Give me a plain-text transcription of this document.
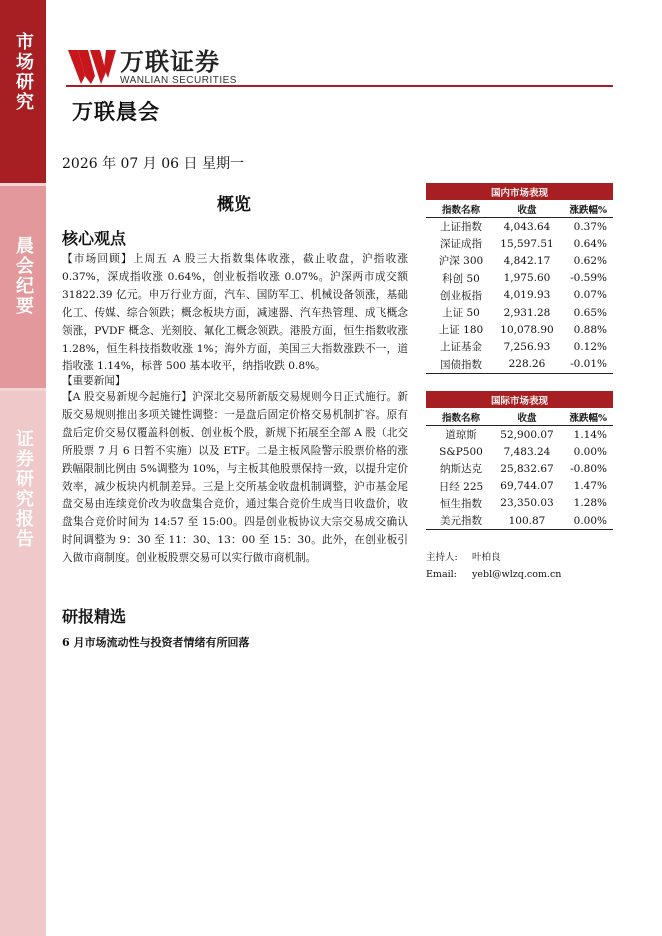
市场研究
晨会纪要
证券研究报告
万联证券
WANLIAN SECURITIES
万联晨会
2026 年 07 月 06 日 星期一
概览
核心观点
【市场回顾】上周五 A 股三大指数集体收涨，截止收盘，沪指收涨 0.37%，深成指收涨 0.64%，创业板指收涨 0.07%。沪深两市成交额 31822.39 亿元。申万行业方面，汽车、国防军工、机械设备领涨，基础化工、传媒、综合领跌；概念板块方面，减速器、汽车热管理、成飞概念领涨，PVDF 概念、光刻胶、氟化工概念领跌。港股方面，恒生指数收涨 1.28%，恒生科技指数收涨 1%；海外方面，美国三大指数涨跌不一，道指收涨 1.14%，标普 500 基本收平，纳指收跌 0.8%。
【重要新闻】
【A 股交易新规今起施行】沪深北交易所新版交易规则今日正式施行。新版交易规则推出多项关键性调整：一是盘后固定价格交易机制扩容。原有盘后定价交易仅覆盖科创板、创业板个股，新规下拓展至全部 A 股（北交所股票 7 月 6 日暂不实施）以及 ETF。二是主板风险警示股票价格的涨跌幅限制比例由 5%调整为 10%，与主板其他股票保持一致，以提升定价效率，减少板块内机制差异。三是上交所基金收盘机制调整，沪市基金尾盘交易由连续竞价改为收盘集合竞价，通过集合竞价生成当日收盘价，收盘集合竞价时间为 14:57 至 15:00。四是创业板协议大宗交易成交确认时间调整为 9：30 至 11：30、13：00 至 15：30。此外，在创业板引入做市商制度。创业板股票交易可以实行做市商机制。
研报精选
6 月市场流动性与投资者情绪有所回落
国内市场表现
指数名称	收盘	涨跌幅%
上证指数	4,043.64	0.37%
深证成指	15,597.51	0.64%
沪深 300	4,842.17	0.62%
科创 50	1,975.60	-0.59%
创业板指	4,019.93	0.07%
上证 50	2,931.28	0.65%
上证 180	10,078.90	0.88%
上证基金	7,256.93	0.12%
国债指数	228.26	-0.01%
国际市场表现
指数名称	收盘	涨跌幅%
道琼斯	52,900.07	1.14%
S&P500	7,483.24	0.00%
纳斯达克	25,832.67	-0.80%
日经 225	69,744.07	1.47%
恒生指数	23,350.03	1.28%
美元指数	100.87	0.00%
主持人: 叶柏良
Email: yebl@wlzq.com.cn
